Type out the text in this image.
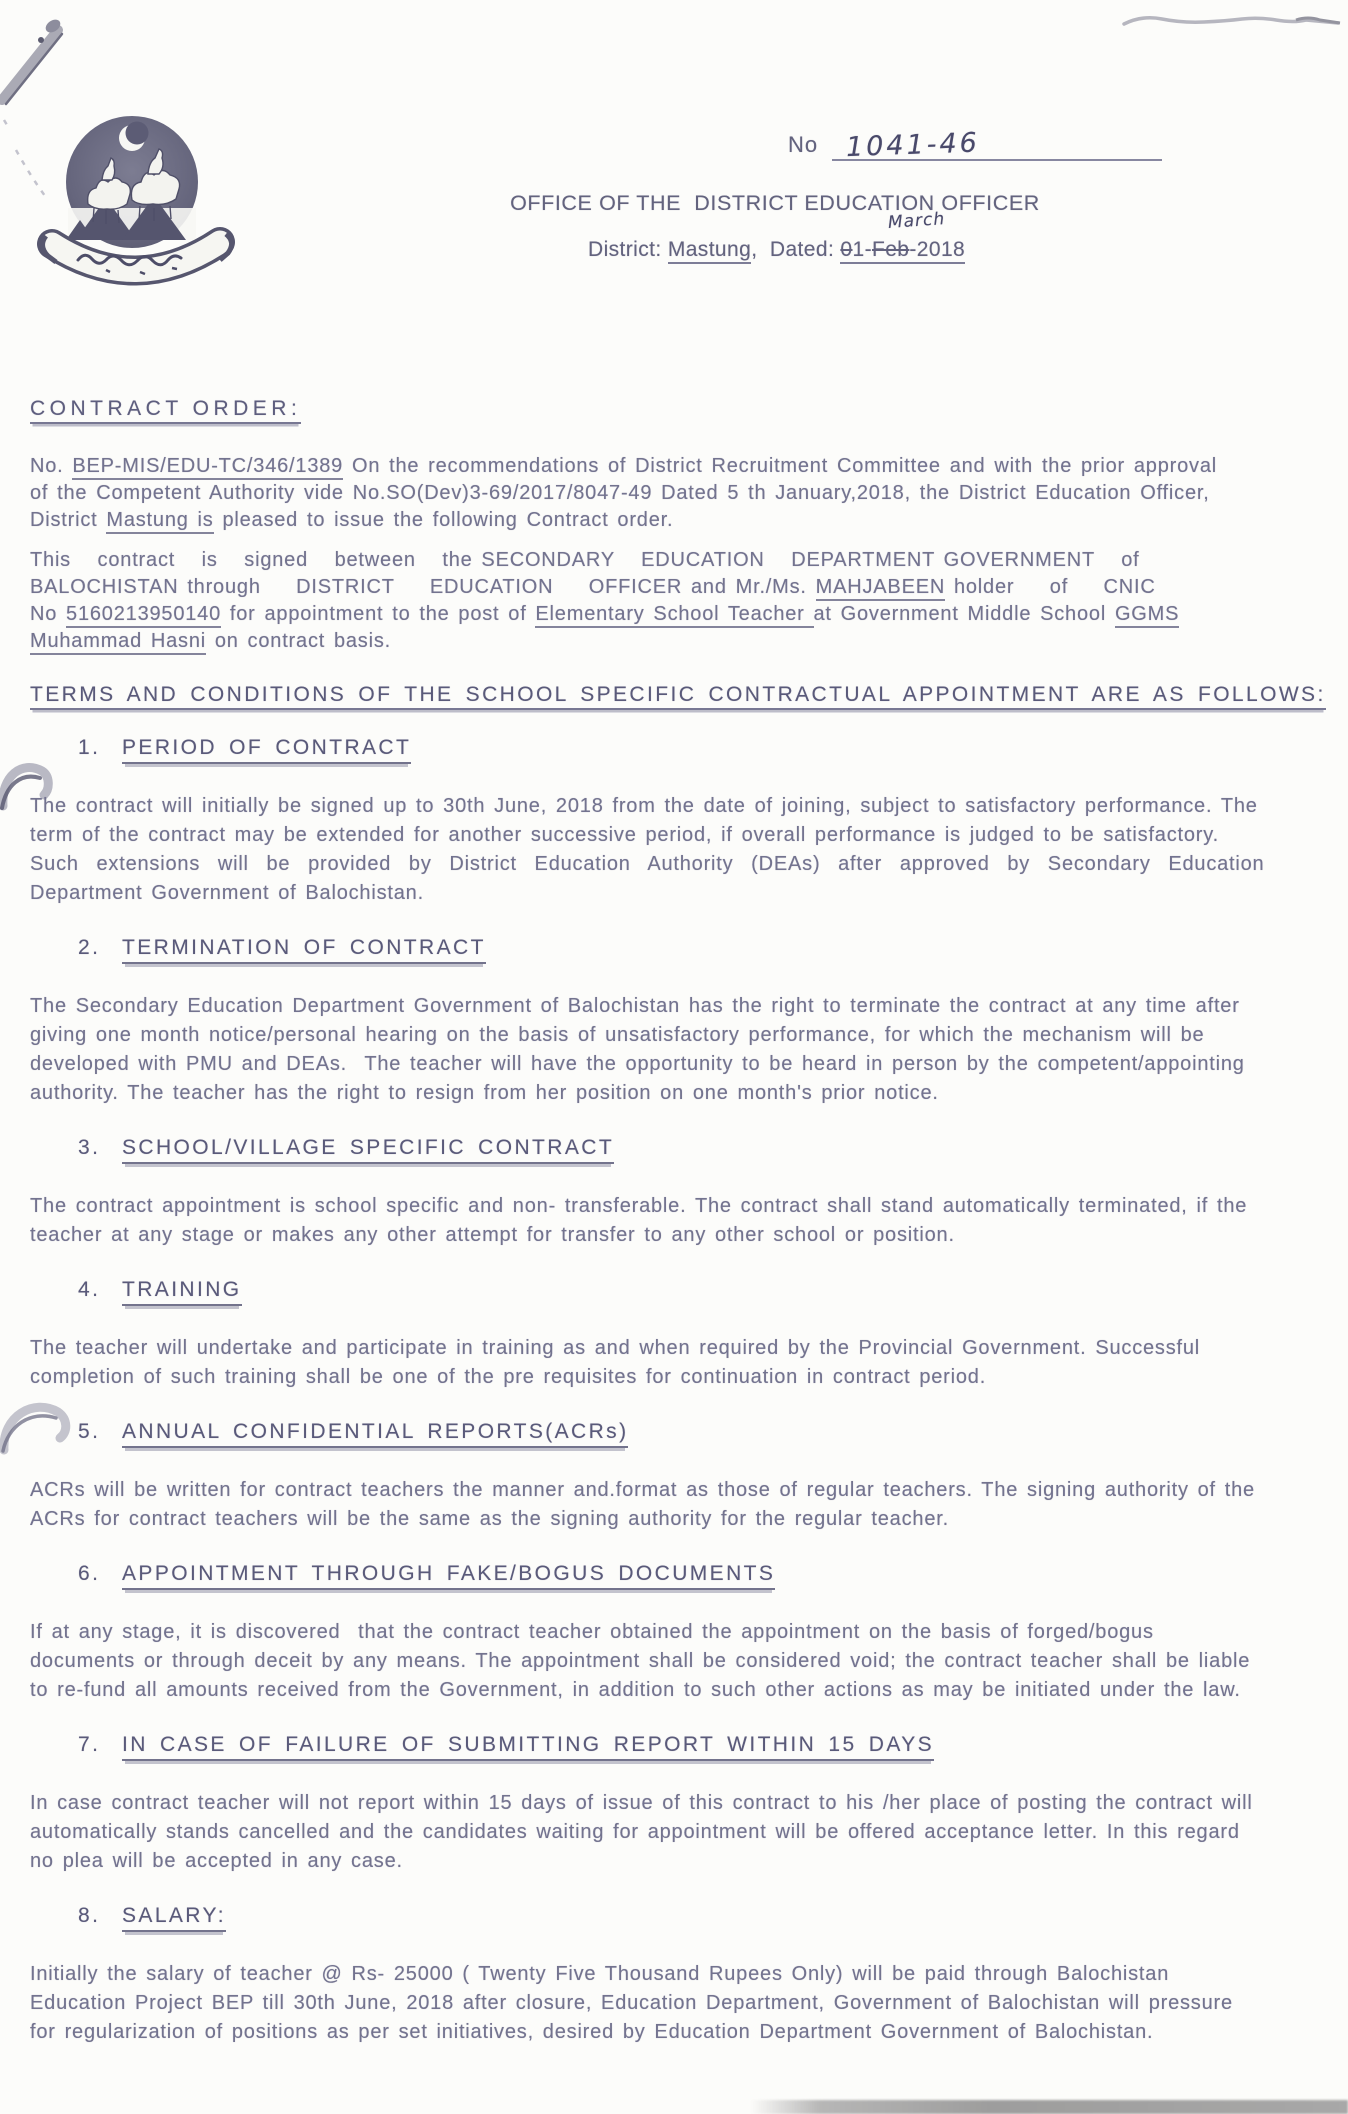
No 1041-46
OFFICE OF THE  DISTRICT EDUCATION OFFICER
District: Mastung,  Dated: 01-Feb-2018
March
CONTRACT ORDER:
No. BEP-MIS/EDU-TC/346/1389 On the recommendations of District Recruitment Committee and with the prior approval
of the Competent Authority vide No.SO(Dev)3-69/2017/8047-49 Dated 5 th January,2018, the District Education Officer,
District Mastung is pleased to issue the following Contract order.
This   contract   is   signed   between   the SECONDARY   EDUCATION   DEPARTMENT GOVERNMENT   of
BALOCHISTAN through    DISTRICT    EDUCATION    OFFICER and Mr./Ms. MAHJABEEN holder    of    CNIC
No 5160213950140 for appointment to the post of Elementary School Teacher at Government Middle School GGMS
Muhammad Hasni on contract basis.
TERMS AND CONDITIONS OF THE SCHOOL SPECIFIC CONTRACTUAL APPOINTMENT ARE AS FOLLOWS:
1. PERIOD OF CONTRACT
The contract will initially be signed up to 30th June, 2018 from the date of joining, subject to satisfactory performance. The
term of the contract may be extended for another successive period, if overall performance is judged to be satisfactory.
Such  extensions  will  be  provided  by  District  Education  Authority  (DEAs)  after  approved  by  Secondary  Education
Department Government of Balochistan.
2. TERMINATION OF CONTRACT
The Secondary Education Department Government of Balochistan has the right to terminate the contract at any time after
giving one month notice/personal hearing on the basis of unsatisfactory performance, for which the mechanism will be
developed with PMU and DEAs.  The teacher will have the opportunity to be heard in person by the competent/appointing
authority. The teacher has the right to resign from her position on one month's prior notice.
3. SCHOOL/VILLAGE SPECIFIC CONTRACT
The contract appointment is school specific and non- transferable. The contract shall stand automatically terminated, if the
teacher at any stage or makes any other attempt for transfer to any other school or position.
4. TRAINING
The teacher will undertake and participate in training as and when required by the Provincial Government. Successful
completion of such training shall be one of the pre requisites for continuation in contract period.
5. ANNUAL CONFIDENTIAL REPORTS(ACRs)
ACRs will be written for contract teachers the manner and.format as those of regular teachers. The signing authority of the
ACRs for contract teachers will be the same as the signing authority for the regular teacher.
6. APPOINTMENT THROUGH FAKE/BOGUS DOCUMENTS
If at any stage, it is discovered  that the contract teacher obtained the appointment on the basis of forged/bogus
documents or through deceit by any means. The appointment shall be considered void; the contract teacher shall be liable
to re-fund all amounts received from the Government, in addition to such other actions as may be initiated under the law.
7. IN CASE OF FAILURE OF SUBMITTING REPORT WITHIN 15 DAYS
In case contract teacher will not report within 15 days of issue of this contract to his /her place of posting the contract will
automatically stands cancelled and the candidates waiting for appointment will be offered acceptance letter. In this regard
no plea will be accepted in any case.
8. SALARY:
Initially the salary of teacher @ Rs- 25000 ( Twenty Five Thousand Rupees Only) will be paid through Balochistan
Education Project BEP till 30th June, 2018 after closure, Education Department, Government of Balochistan will pressure
for regularization of positions as per set initiatives, desired by Education Department Government of Balochistan.
